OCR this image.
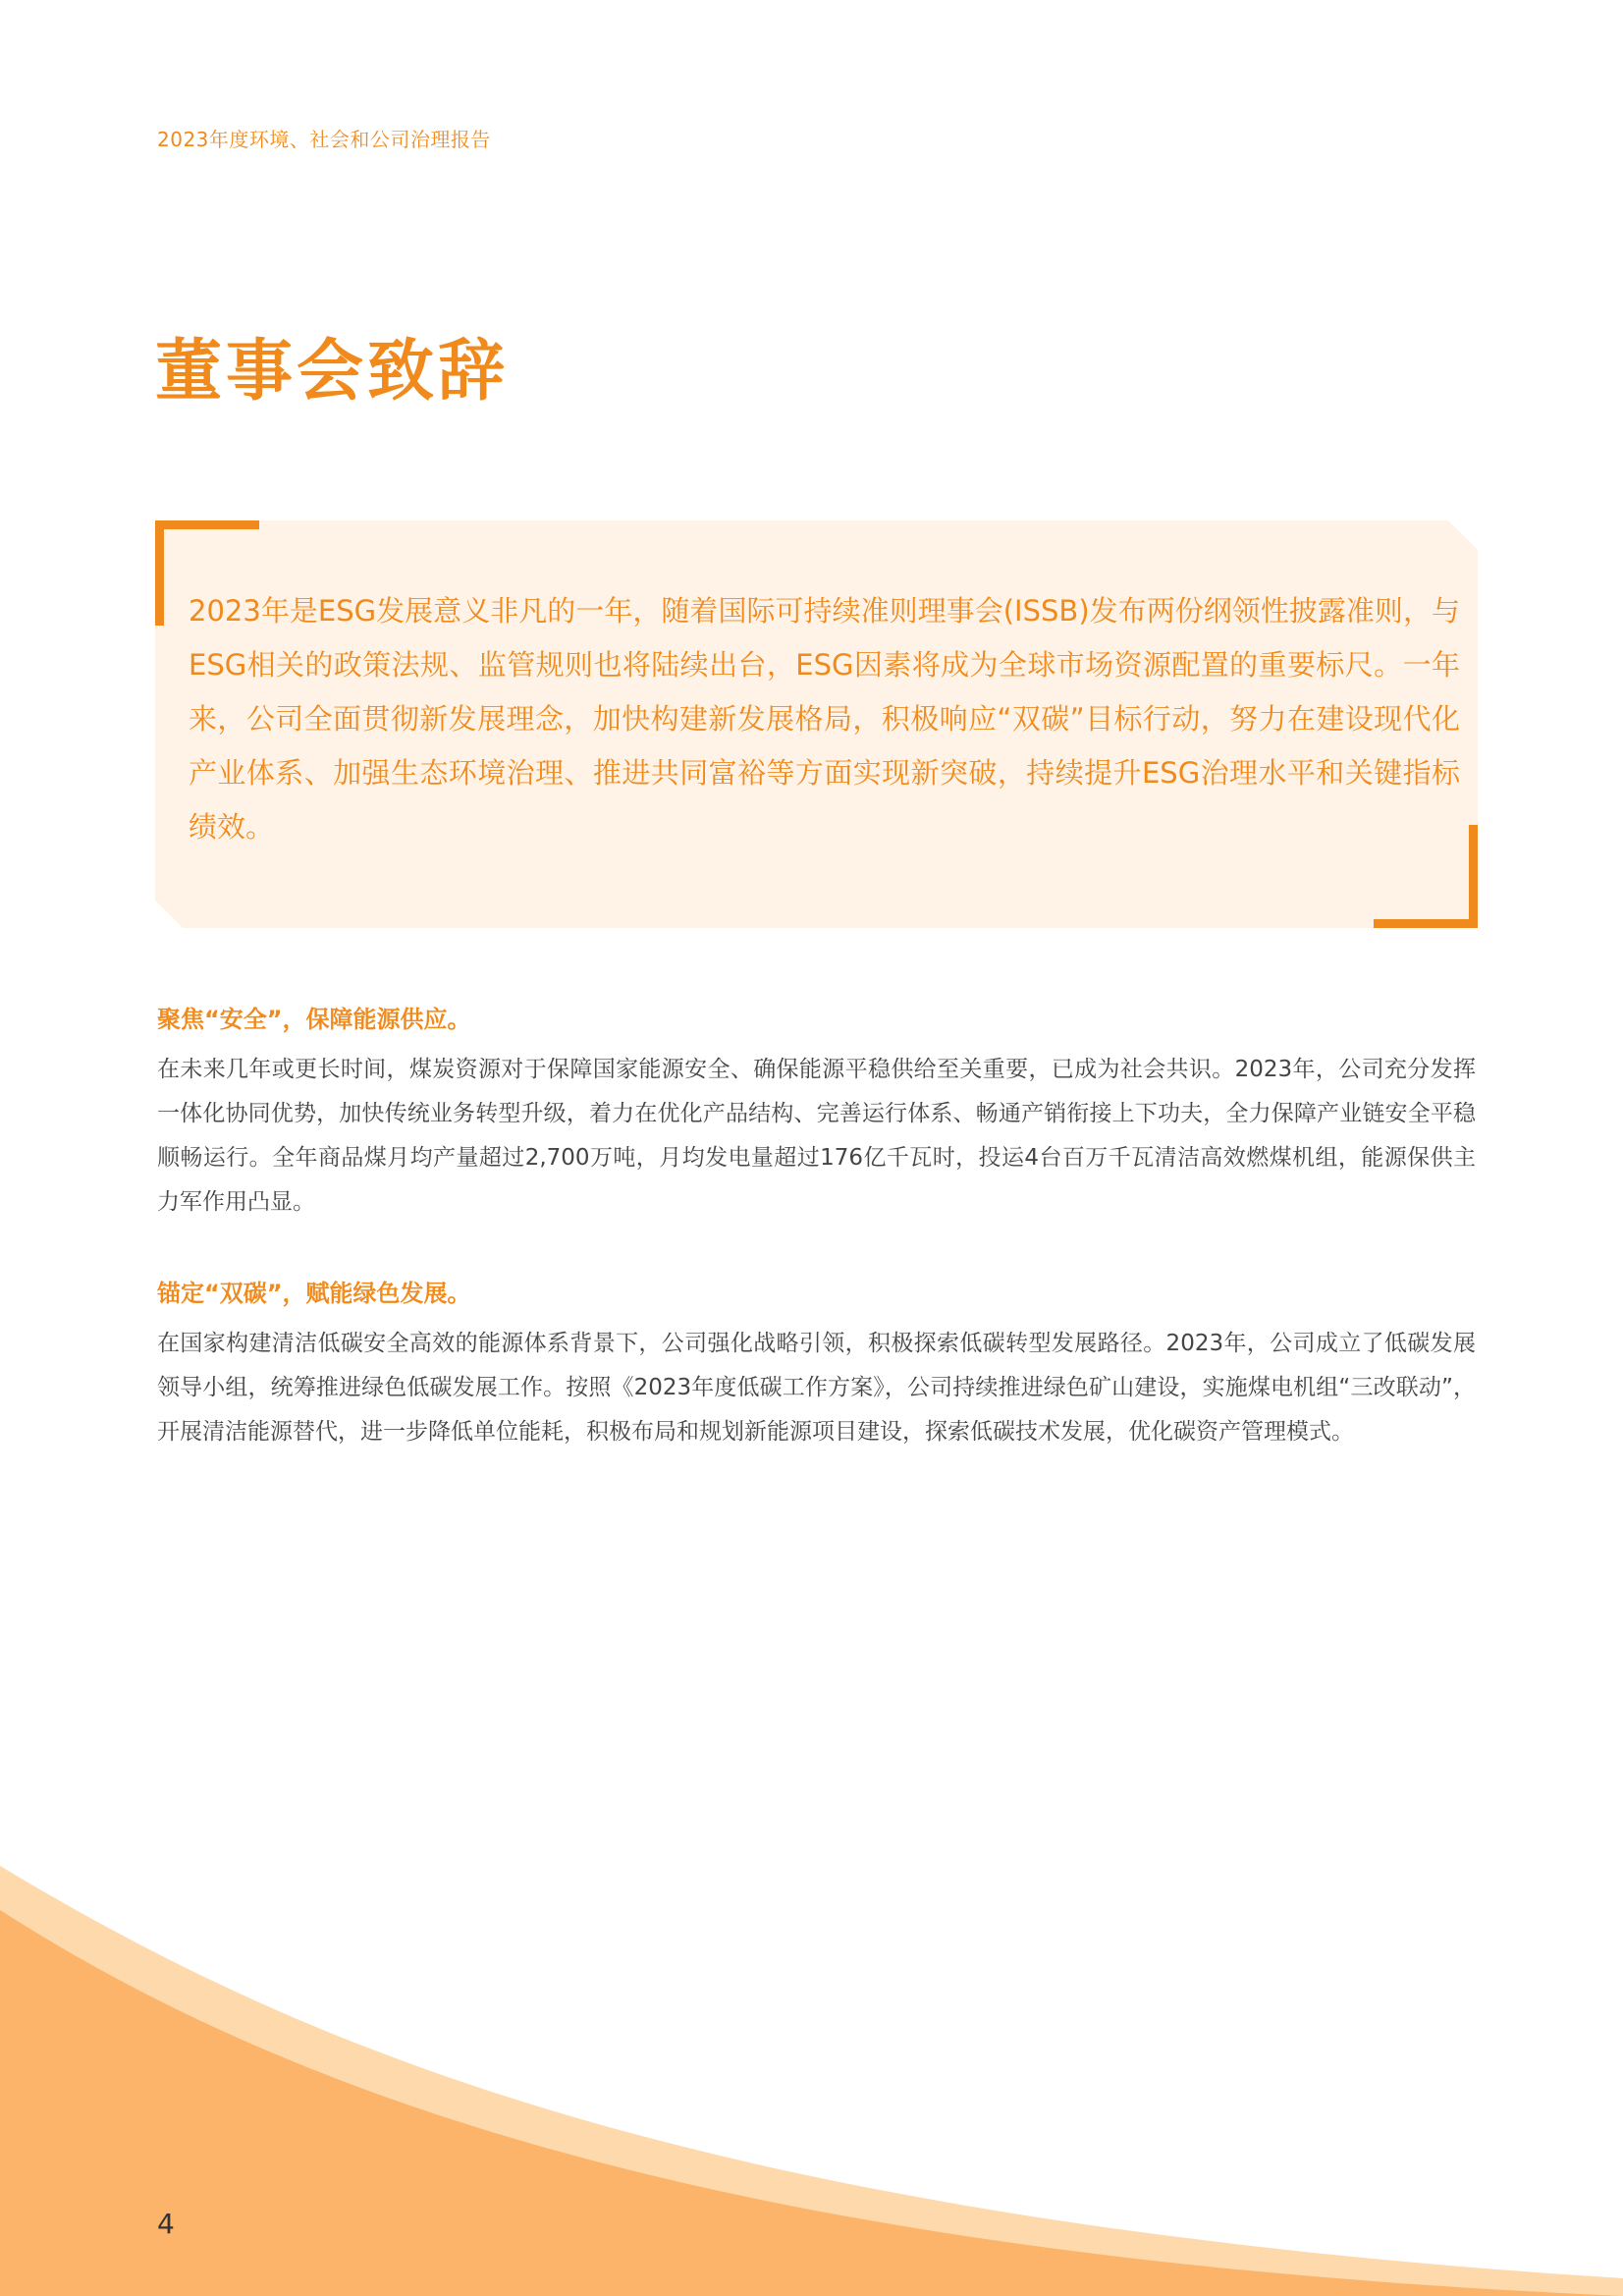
2023年度环境、社会和公司治理报告
董事会致辞
2023年是ESG发展意义非凡的一年，随着国际可持续准则理事会(ISSB)发布两份纲领性披露准则，与ESG相关的政策法规、监管规则也将陆续出台，ESG因素将成为全球市场资源配置的重要标尺。一年来，公司全面贯彻新发展理念，加快构建新发展格局，积极响应“双碳”目标行动，努力在建设现代化产业体系、加强生态环境治理、推进共同富裕等方面实现新突破，持续提升ESG治理水平和关键指标绩效。
聚焦“安全”，保障能源供应。
在未来几年或更长时间，煤炭资源对于保障国家能源安全、确保能源平稳供给至关重要，已成为社会共识。2023年，公司充分发挥一体化协同优势，加快传统业务转型升级，着力在优化产品结构、完善运行体系、畅通产销衔接上下功夫，全力保障产业链安全平稳顺畅运行。全年商品煤月均产量超过2,700万吨，月均发电量超过176亿千瓦时，投运4台百万千瓦清洁高效燃煤机组，能源保供主力军作用凸显。
锚定“双碳”，赋能绿色发展。
在国家构建清洁低碳安全高效的能源体系背景下，公司强化战略引领，积极探索低碳转型发展路径。2023年，公司成立了低碳发展领导小组，统筹推进绿色低碳发展工作。按照《2023年度低碳工作方案》，公司持续推进绿色矿山建设，实施煤电机组“三改联动”，开展清洁能源替代，进一步降低单位能耗，积极布局和规划新能源项目建设，探索低碳技术发展，优化碳资产管理模式。
4
